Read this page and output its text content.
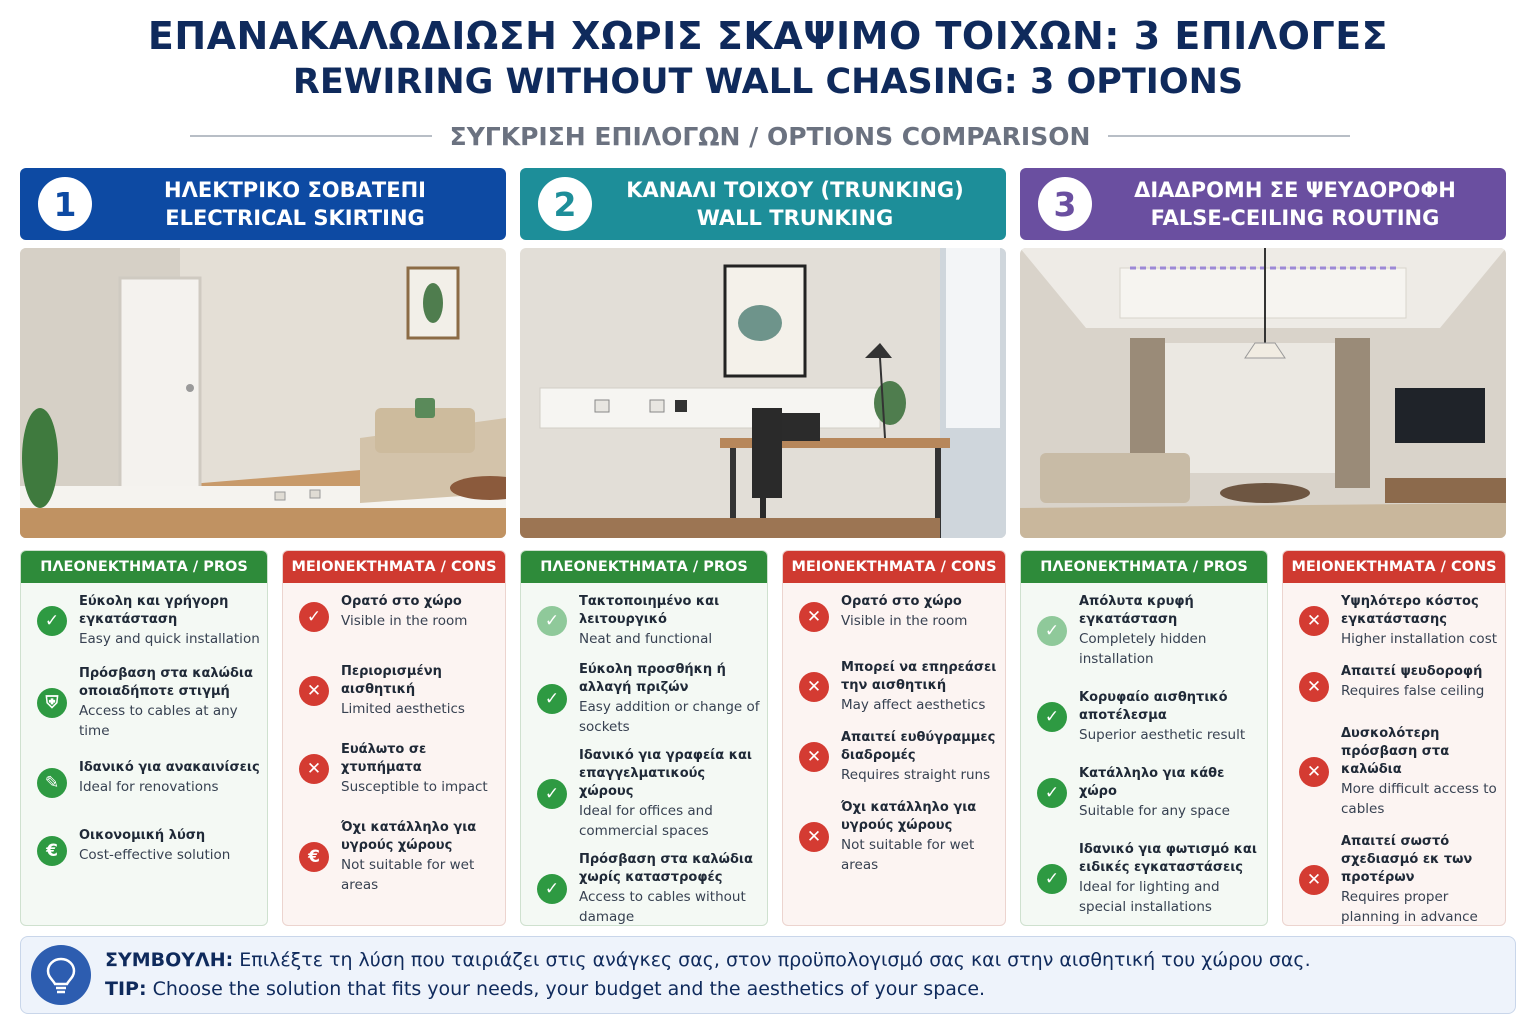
ΕΠΑΝΑΚΑΛΩΔΙΩΣΗ ΧΩΡΙΣ ΣΚΑΨΙΜΟ ΤΟΙΧΩΝ: 3 ΕΠΙΛΟΓΕΣ
REWIRING WITHOUT WALL CHASING: 3 OPTIONS
ΣΥΓΚΡΙΣΗ ΕΠΙΛΟΓΩΝ / OPTIONS COMPARISON
1	ΗΛΕΚΤΡΙΚΟ ΣΟΒΑΤΕΠΙ
ELECTRICAL SKIRTING
ΠΛΕΟΝΕΚΤΗΜΑΤΑ / PROS
✓
Εύκολη και γρήγορη εγκατάσταση
Easy and quick installation
⛨
Πρόσβαση στα καλώδια οποιαδήποτε στιγμή
Access to cables at any time
✎
Ιδανικό για ανακαινίσεις
Ideal for renovations
€
Οικονομική λύση
Cost-effective solution
ΜΕΙΟΝΕΚΤΗΜΑΤΑ / CONS
✓
Ορατό στο χώρο
Visible in the room
✕
Περιορισμένη αισθητική
Limited aesthetics
✕
Ευάλωτο σε χτυπήματα
Susceptible to impact
€
Όχι κατάλληλο για υγρούς χώρους
Not suitable for wet areas
2	ΚΑΝΑΛΙ ΤΟΙΧΟΥ (TRUNKING)
WALL TRUNKING
ΠΛΕΟΝΕΚΤΗΜΑΤΑ / PROS
✓
Τακτοποιημένο και λειτουργικό
Neat and functional
✓
Εύκολη προσθήκη ή αλλαγή πριζών
Easy addition or change of sockets
✓
Ιδανικό για γραφεία και επαγγελματικούς χώρους
Ideal for offices and commercial spaces
✓
Πρόσβαση στα καλώδια χωρίς καταστροφές
Access to cables without damage
ΜΕΙΟΝΕΚΤΗΜΑΤΑ / CONS
✕
Ορατό στο χώρο
Visible in the room
✕
Μπορεί να επηρεάσει την αισθητική
May affect aesthetics
✕
Απαιτεί ευθύγραμμες διαδρομές
Requires straight runs
✕
Όχι κατάλληλο για υγρούς χώρους
Not suitable for wet areas
3	ΔΙΑΔΡΟΜΗ ΣΕ ΨΕΥΔΟΡΟΦΗ
FALSE-CEILING ROUTING
ΠΛΕΟΝΕΚΤΗΜΑΤΑ / PROS
✓
Απόλυτα κρυφή εγκατάσταση
Completely hidden installation
✓
Κορυφαίο αισθητικό αποτέλεσμα
Superior aesthetic result
✓
Κατάλληλο για κάθε χώρο
Suitable for any space
✓
Ιδανικό για φωτισμό και ειδικές εγκαταστάσεις
Ideal for lighting and special installations
ΜΕΙΟΝΕΚΤΗΜΑΤΑ / CONS
✕
Υψηλότερο κόστος εγκατάστασης
Higher installation cost
✕
Απαιτεί ψευδοροφή
Requires false ceiling
✕
Δυσκολότερη πρόσβαση στα καλώδια
More difficult access to cables
✕
Απαιτεί σωστό σχεδιασμό εκ των προτέρων
Requires proper planning in advance
ΣΥΜΒΟΥΛΗ: Επιλέξτε τη λύση που ταιριάζει στις ανάγκες σας, στον προϋπολογισμό σας και στην αισθητική του χώρου σας.
TIP: Choose the solution that fits your needs, your budget and the aesthetics of your space.
